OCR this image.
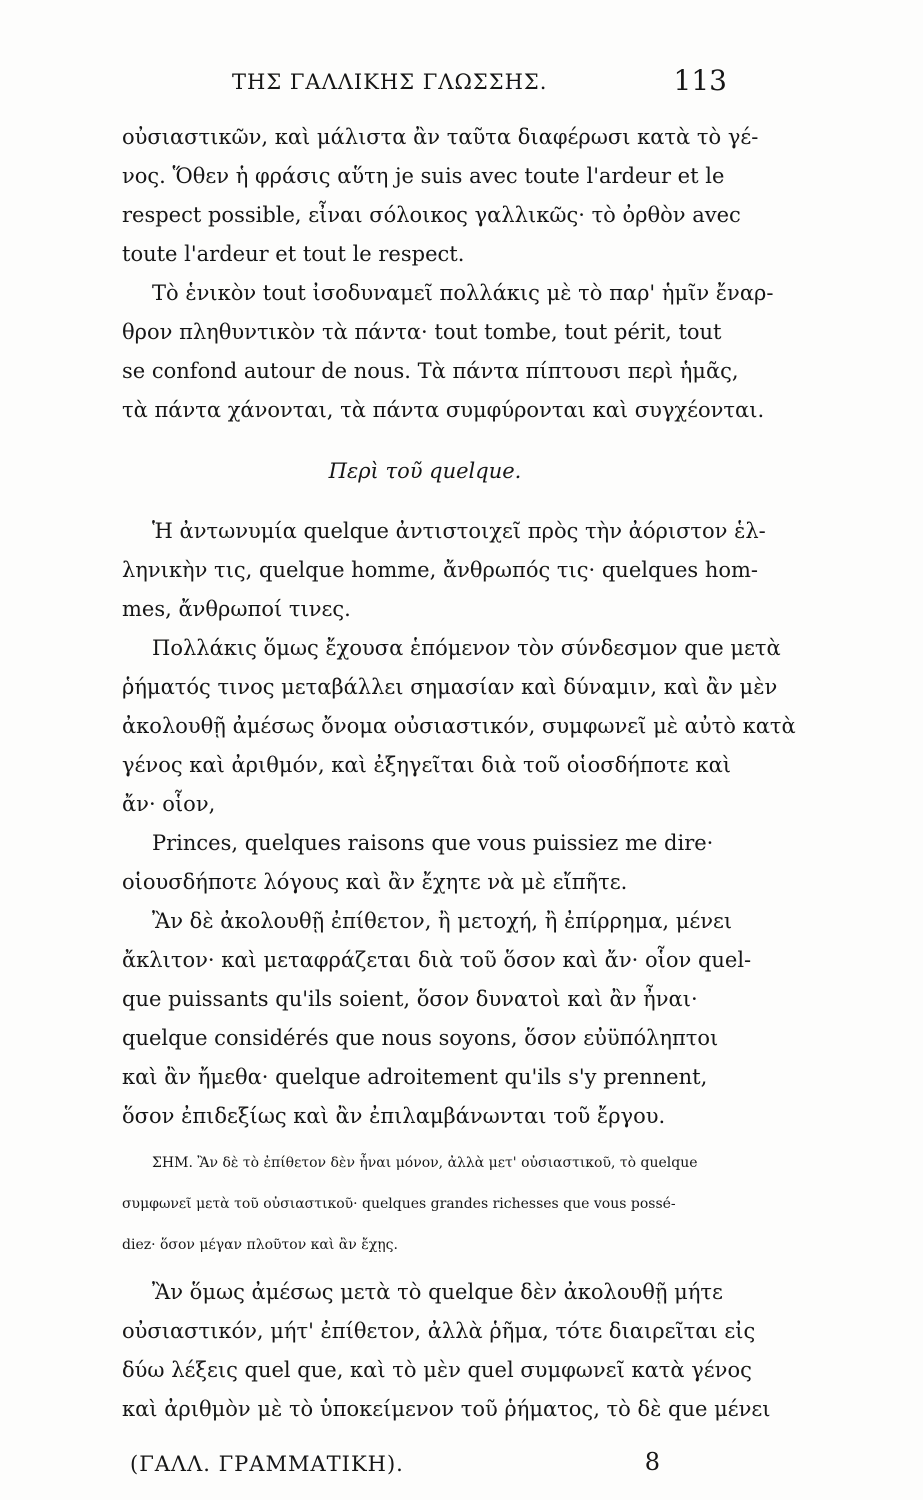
ΤΗΣ ΓΑΛΛΙΚΗΣ ΓΛΩΣΣΗΣ.	113

οὐσιαστικῶν, καὶ μάλιστα ἂν ταῦτα διαφέρωσι κατὰ τὸ γέ-

νος. Ὅθεν ἡ φράσις αὕτη je suis avec toute l'ardeur et le

respect possible, εἶναι σόλοικος γαλλικῶς· τὸ ὀρθὸν avec

toute l'ardeur et tout le respect.

Τὸ ἑνικὸν tout ἰσοδυναμεῖ πολλάκις μὲ τὸ παρ' ἡμῖν ἔναρ-

θρον πληθυντικὸν τὰ πάντα· tout tombe, tout périt, tout

se confond autour de nous. Τὰ πάντα πίπτουσι περὶ ἡμᾶς,

τὰ πάντα χάνονται, τὰ πάντα συμφύρονται καὶ συγχέονται.

Περὶ τοῦ quelque.

Ἡ ἀντωνυμία quelque ἀντιστοιχεῖ πρὸς τὴν ἀόριστον ἑλ-

ληνικὴν τις, quelque homme, ἄνθρωπός τις· quelques hom-

mes, ἄνθρωποί τινες.

Πολλάκις ὅμως ἔχουσα ἑπόμενον τὸν σύνδεσμον que μετὰ

ῥήματός τινος μεταβάλλει σημασίαν καὶ δύναμιν, καὶ ἂν μὲν

ἀκολουθῇ ἀμέσως ὄνομα οὐσιαστικόν, συμφωνεῖ μὲ αὐτὸ κατὰ

γένος καὶ ἀριθμόν, καὶ ἐξηγεῖται διὰ τοῦ οἱοσδήποτε καὶ

ἄν· οἷον,

Princes, quelques raisons que vous puissiez me dire·

οἱουσδήποτε λόγους καὶ ἂν ἔχητε νὰ μὲ εἴπῆτε.

Ἂν δὲ ἀκολουθῇ ἐπίθετον, ἢ μετοχή, ἢ ἐπίρρημα, μένει

ἄκλιτον· καὶ μεταφράζεται διὰ τοῦ ὅσον καὶ ἄν· οἷον quel-

que puissants qu'ils soient, ὅσον δυνατοὶ καὶ ἂν ἦναι·

quelque considérés que nous soyons, ὅσον εὐϋπόληπτοι

καὶ ἂν ἤμεθα· quelque adroitement qu'ils s'y prennent,

ὅσον ἐπιδεξίως καὶ ἂν ἐπιλαμβάνωνται τοῦ ἔργου.

ΣΗΜ. Ἂν δὲ τὸ ἐπίθετον δὲν ἦναι μόνον, ἀλλὰ μετ' οὐσιαστικοῦ, τὸ quelque

συμφωνεῖ μετὰ τοῦ οὐσιαστικοῦ· quelques grandes richesses que vous possé-

diez· ὅσον μέγαν πλοῦτον καὶ ἂν ἔχῃς.

Ἂν ὅμως ἀμέσως μετὰ τὸ quelque δὲν ἀκολουθῇ μήτε

οὐσιαστικόν, μήτ' ἐπίθετον, ἀλλὰ ῥῆμα, τότε διαιρεῖται εἰς

δύω λέξεις quel que, καὶ τὸ μὲν quel συμφωνεῖ κατὰ γένος

καὶ ἀριθμὸν μὲ τὸ ὑποκείμενον τοῦ ῥήματος, τὸ δὲ que μένει

(ΓΑΛΛ. ΓΡΑΜΜΑΤΙΚΗ).	8
